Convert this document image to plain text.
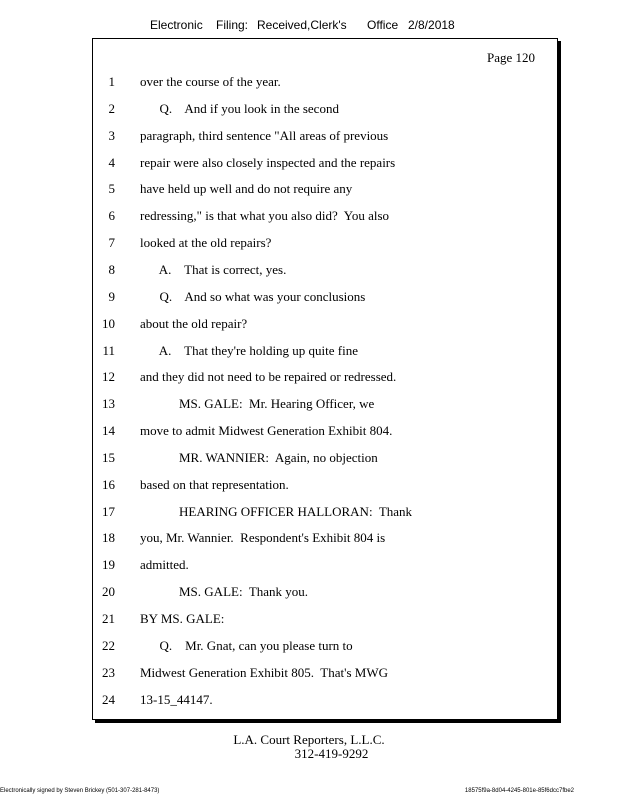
Electronic Filing: Received,Clerk's Office 2/8/2018
Page 120
1 over the course of the year.
2 Q.    And if you look in the second
3 paragraph, third sentence "All areas of previous
4 repair were also closely inspected and the repairs
5 have held up well and do not require any
6 redressing," is that what you also did?  You also
7 looked at the old repairs?
8 A.    That is correct, yes.
9 Q.    And so what was your conclusions
10 about the old repair?
11 A.    That they're holding up quite fine
12 and they did not need to be repaired or redressed.
13 MS. GALE:  Mr. Hearing Officer, we
14 move to admit Midwest Generation Exhibit 804.
15 MR. WANNIER:  Again, no objection
16 based on that representation.
17 HEARING OFFICER HALLORAN:  Thank
18 you, Mr. Wannier.  Respondent's Exhibit 804 is
19 admitted.
20 MS. GALE:  Thank you.
21 BY MS. GALE:
22 Q.    Mr. Gnat, can you please turn to
23 Midwest Generation Exhibit 805.  That's MWG
24 13-15_44147.
L.A. Court Reporters, L.L.C.
312-419-9292
Electronically signed by Steven Brickey (501-307-281-8473)	18575f9a-8d04-4245-801e-85f6dcc7fbe2
